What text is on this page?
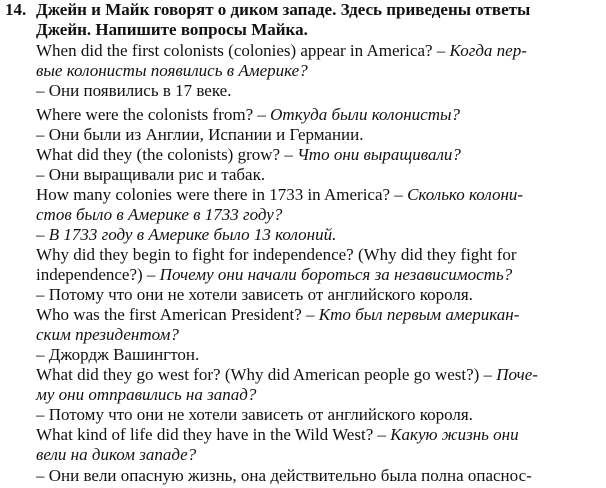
14. Джейн и Майк говорят о диком западе. Здесь приведены ответы
Джейн. Напишите вопросы Майка.
When did the first colonists (colonies) appear in America? – Когда пер-
вые колонисты появились в Америке?
– Они появились в 17 веке.
Where were the colonists from? – Откуда были колонисты?
– Они были из Англии, Испании и Германии.
What did they (the colonists) grow? – Что они выращивали?
– Они выращивали рис и табак.
How many colonies were there in 1733 in America? – Сколько колони-
стов было в Америке в 1733 году?
– В 1733 году в Америке было 13 колоний.
Why did they begin to fight for independence? (Why did they fight for
independence?) – Почему они начали бороться за независимость?
– Потому что они не хотели зависеть от английского короля.
Who was the first American President? – Кто был первым американ-
ским президентом?
– Джордж Вашингтон.
What did they go west for? (Why did American people go west?) – Поче-
му они отправились на запад?
– Потому что они не хотели зависеть от английского короля.
What kind of life did they have in the Wild West? – Какую жизнь они
вели на диком западе?
– Они вели опасную жизнь, она действительно была полна опаснос-
